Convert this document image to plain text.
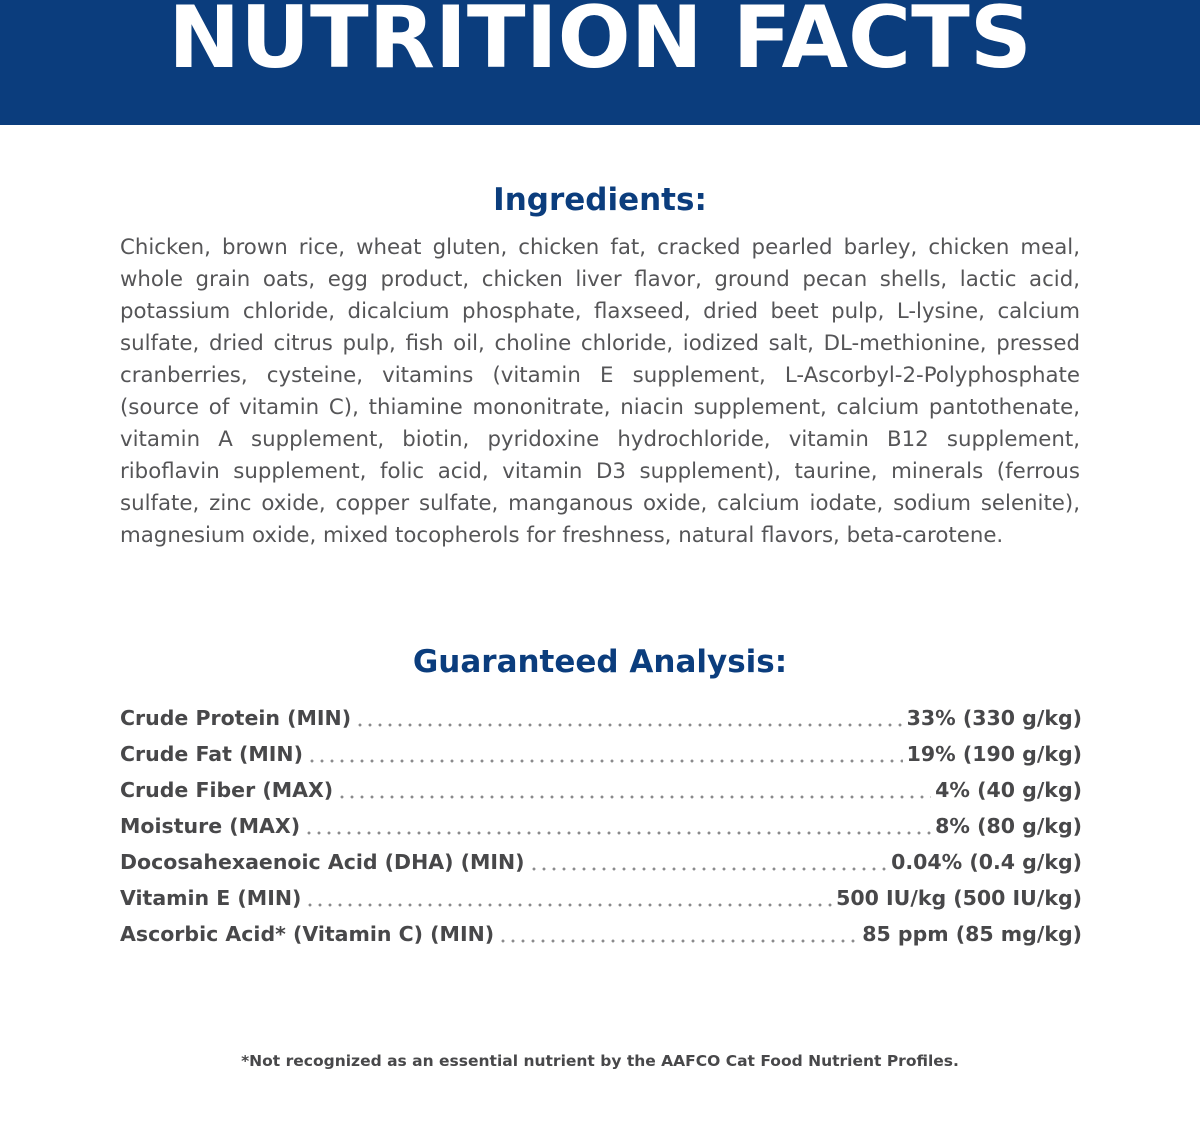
NUTRITION FACTS
Ingredients:

Chicken, brown rice, wheat gluten, chicken fat, cracked pearled barley, chicken meal, whole grain oats, egg product, chicken liver flavor, ground pecan shells, lactic acid, potassium chloride, dicalcium phosphate, flaxseed, dried beet pulp, L-lysine, calcium sulfate, dried citrus pulp, fish oil, choline chloride, iodized salt, DL-methionine, pressed cranberries, cysteine, vitamins (vitamin E supplement, L-Ascorbyl-2-Polyphosphate (source of vitamin C), thiamine mononitrate, niacin supplement, calcium pantothenate, vitamin A supplement, biotin, pyridoxine hydrochloride, vitamin B12 supplement, riboflavin supplement, folic acid, vitamin D3 supplement), taurine, minerals (ferrous sulfate, zinc oxide, copper sulfate, manganous oxide, calcium iodate, sodium selenite), magnesium oxide, mixed tocopherols for freshness, natural flavors, beta-carotene.

Guaranteed Analysis:
Crude Protein (MIN)	33% (330 g/kg)
Crude Fat (MIN)	19% (190 g/kg)
Crude Fiber (MAX)	4% (40 g/kg)
Moisture (MAX)	8% (80 g/kg)
Docosahexaenoic Acid (DHA) (MIN)	0.04% (0.4 g/kg)
Vitamin E (MIN)	500 IU/kg (500 IU/kg)
Ascorbic Acid* (Vitamin C) (MIN)	85 ppm (85 mg/kg)

*Not recognized as an essential nutrient by the AAFCO Cat Food Nutrient Profiles.
